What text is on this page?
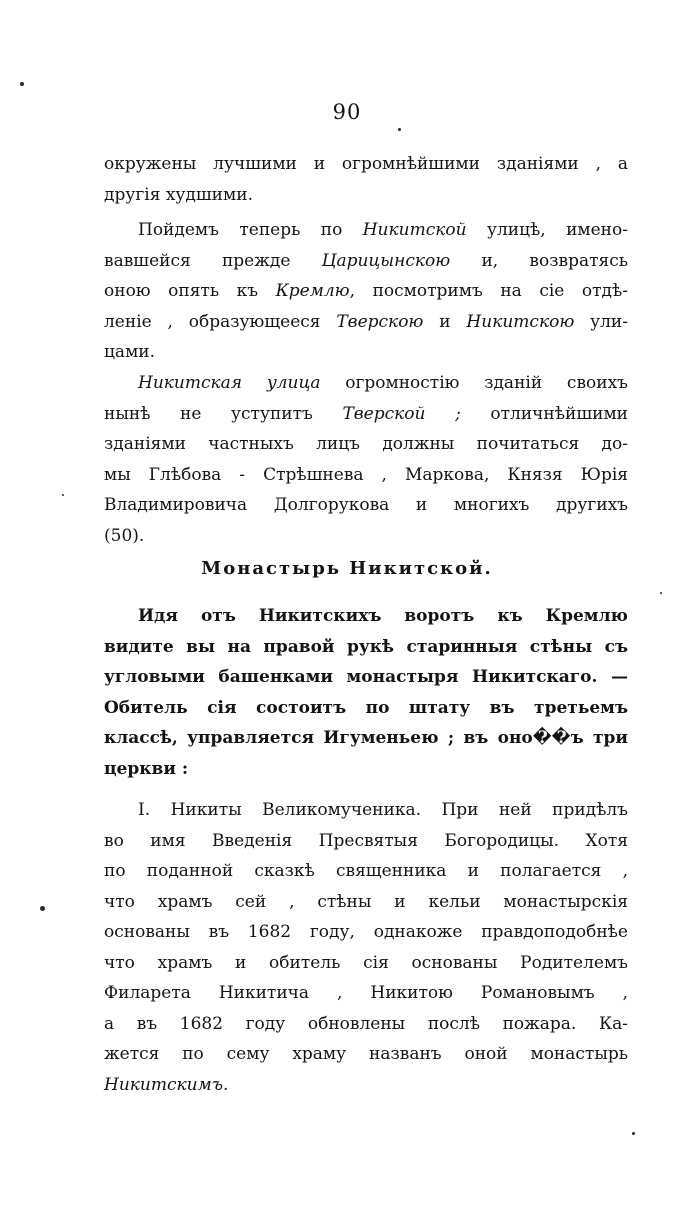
90
окружены лучшими и огромнѣйшими зданіями , а
другія худшими.
  Пойдемъ теперь по Никитской улицѣ, имено-
вавшейся прежде Царицынскою и, возвратясь
оною опять къ Кремлю, посмотримъ на сіе отдѣ-
леніе , образующееся Тверскою и Никитскою ули-
цами.
  Никитская улица огромностію зданій своихъ
нынѣ не уступитъ Тверской ; отличнѣйшими
зданіями частныхъ лицъ должны почитаться до-
мы Глѣбова - Стрѣшнева , Маркова, Князя Юрія
Владимировича Долгорукова и многихъ другихъ
(50).
Монастырь Никитской.
  Идя отъ Никитскихъ воротъ къ Кремлю
видите вы на правой рукѣ старинныя стѣны съ
угловыми башенками монастыря Никитскаго. —
Обитель сія состоитъ по штату въ третьемъ
классѣ, управляется Игуменьею ; въ оно��ъ три
церкви :
  I. Никиты Великомученика. При ней придѣлъ
во имя Введенія Пресвятыя Богородицы. Хотя
по поданной сказкѣ священника и полагается ,
что храмъ сей , стѣны и кельи монастырскія
основаны въ 1682 году, однакоже правдоподобнѣе
что храмъ и обитель сія основаны Родителемъ
Филарета Никитича , Никитою Романовымъ ,
а въ 1682 году обновлены послѣ пожара. Ка-
жется по сему храму названъ оной монастырь
Никитскимъ.
